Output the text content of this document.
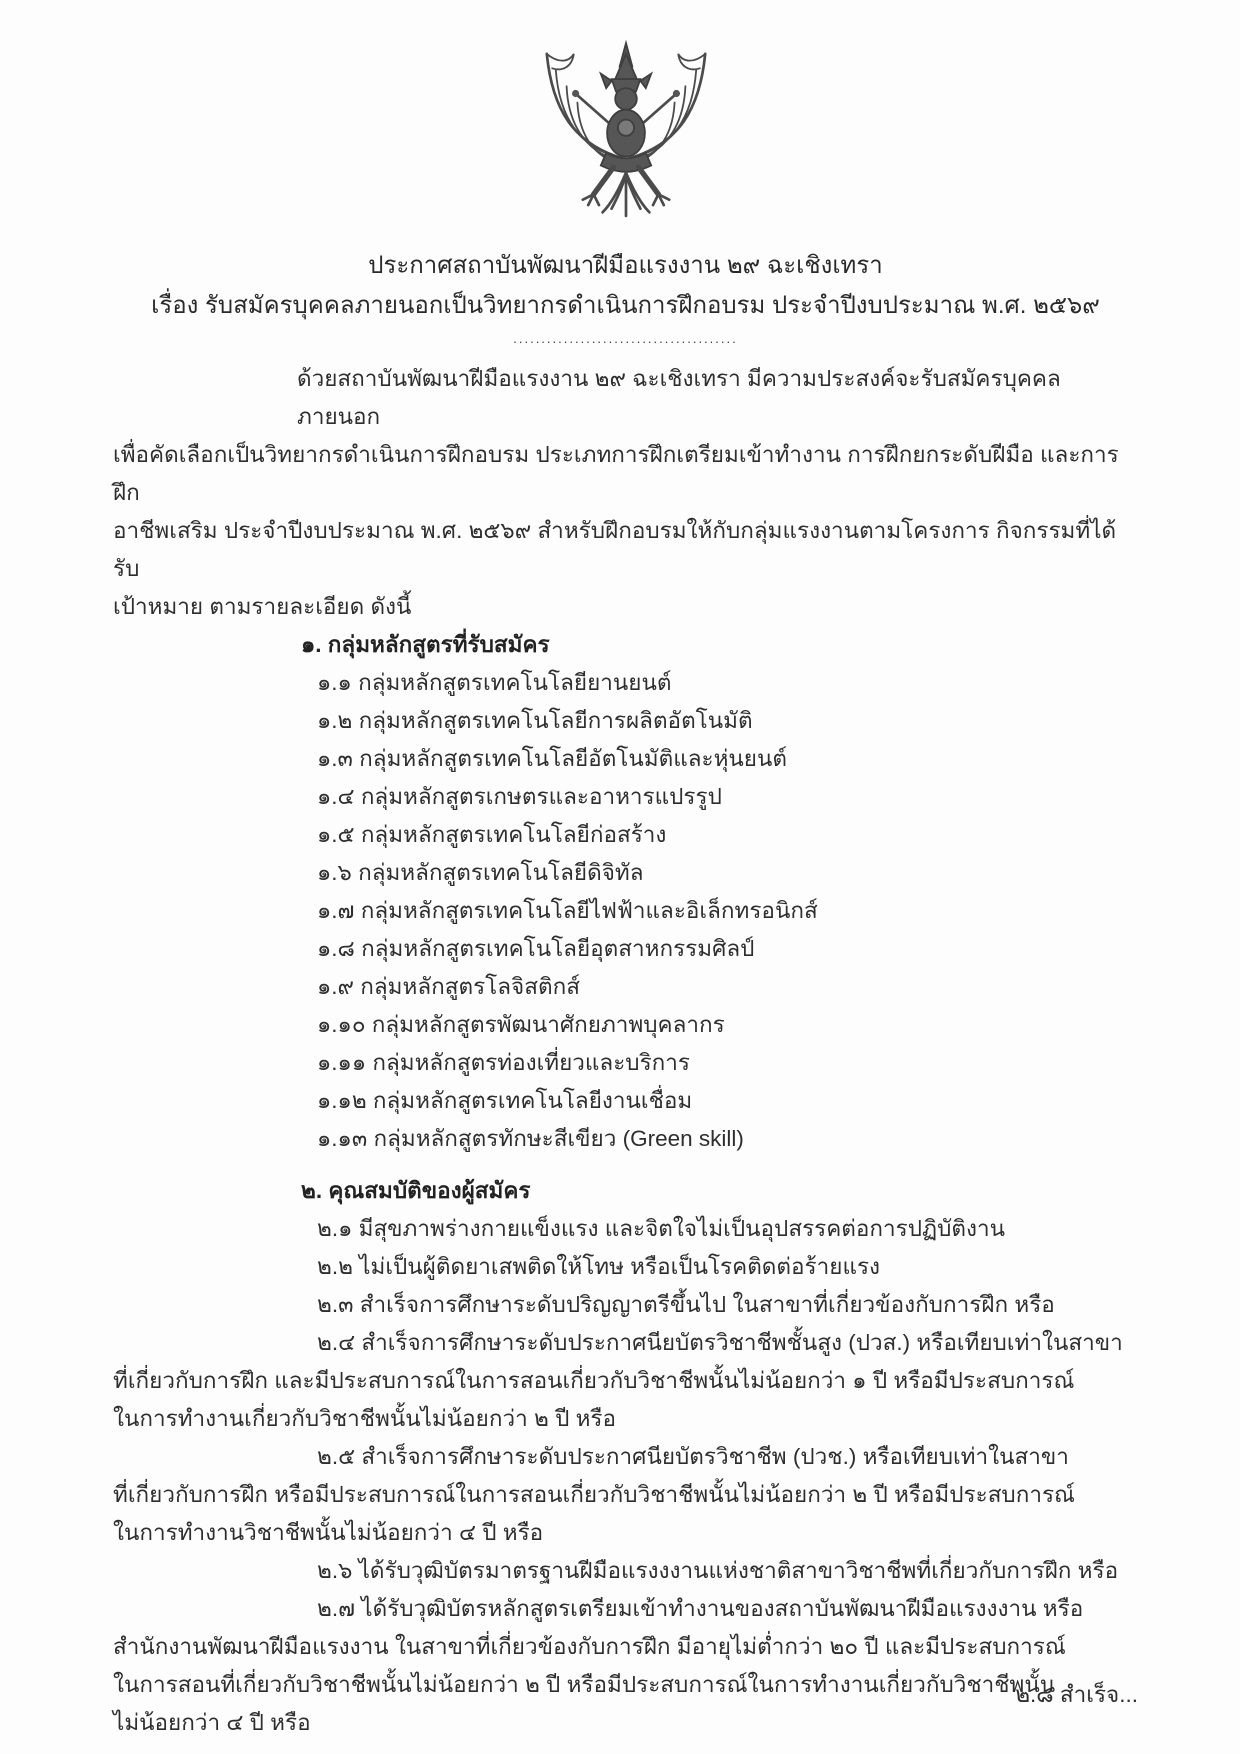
ประกาศสถาบันพัฒนาฝีมือแรงงาน ๒๙ ฉะเชิงเทรา
เรื่อง รับสมัครบุคคลภายนอกเป็นวิทยากรดำเนินการฝึกอบรม ประจำปีงบประมาณ พ.ศ. ๒๕๖๙
........................................
ด้วยสถาบันพัฒนาฝีมือแรงงาน ๒๙ ฉะเชิงเทรา มีความประสงค์จะรับสมัครบุคคลภายนอก
เพื่อคัดเลือกเป็นวิทยากรดำเนินการฝึกอบรม ประเภทการฝึกเตรียมเข้าทำงาน การฝึกยกระดับฝีมือ และการฝึก
อาชีพเสริม ประจำปีงบประมาณ พ.ศ. ๒๕๖๙ สำหรับฝึกอบรมให้กับกลุ่มแรงงานตามโครงการ กิจกรรมที่ได้รับ
เป้าหมาย ตามรายละเอียด ดังนี้
๑. กลุ่มหลักสูตรที่รับสมัคร
๑.๑ กลุ่มหลักสูตรเทคโนโลยียานยนต์
๑.๒ กลุ่มหลักสูตรเทคโนโลยีการผลิตอัตโนมัติ
๑.๓ กลุ่มหลักสูตรเทคโนโลยีอัตโนมัติและหุ่นยนต์
๑.๔ กลุ่มหลักสูตรเกษตรและอาหารแปรรูป
๑.๕ กลุ่มหลักสูตรเทคโนโลยีก่อสร้าง
๑.๖ กลุ่มหลักสูตรเทคโนโลยีดิจิทัล
๑.๗ กลุ่มหลักสูตรเทคโนโลยีไฟฟ้าและอิเล็กทรอนิกส์
๑.๘ กลุ่มหลักสูตรเทคโนโลยีอุตสาหกรรมศิลป์
๑.๙ กลุ่มหลักสูตรโลจิสติกส์
๑.๑๐ กลุ่มหลักสูตรพัฒนาศักยภาพบุคลากร
๑.๑๑ กลุ่มหลักสูตรท่องเที่ยวและบริการ
๑.๑๒ กลุ่มหลักสูตรเทคโนโลยีงานเชื่อม
๑.๑๓ กลุ่มหลักสูตรทักษะสีเขียว (Green skill)
๒. คุณสมบัติของผู้สมัคร
๒.๑ มีสุขภาพร่างกายแข็งแรง และจิตใจไม่เป็นอุปสรรคต่อการปฏิบัติงาน
๒.๒ ไม่เป็นผู้ติดยาเสพติดให้โทษ หรือเป็นโรคติดต่อร้ายแรง
๒.๓ สำเร็จการศึกษาระดับปริญญาตรีขึ้นไป ในสาขาที่เกี่ยวข้องกับการฝึก หรือ
๒.๔ สำเร็จการศึกษาระดับประกาศนียบัตรวิชาชีพชั้นสูง (ปวส.) หรือเทียบเท่าในสาขา
ที่เกี่ยวกับการฝึก และมีประสบการณ์ในการสอนเกี่ยวกับวิชาชีพนั้นไม่น้อยกว่า ๑ ปี หรือมีประสบการณ์
ในการทำงานเกี่ยวกับวิชาชีพนั้นไม่น้อยกว่า ๒ ปี หรือ
๒.๕ สำเร็จการศึกษาระดับประกาศนียบัตรวิชาชีพ (ปวช.) หรือเทียบเท่าในสาขา
ที่เกี่ยวกับการฝึก หรือมีประสบการณ์ในการสอนเกี่ยวกับวิชาชีพนั้นไม่น้อยกว่า ๒ ปี หรือมีประสบการณ์
ในการทำงานวิชาชีพนั้นไม่น้อยกว่า ๔ ปี หรือ
๒.๖ ได้รับวุฒิบัตรมาตรฐานฝีมือแรงงงานแห่งชาติสาขาวิชาชีพที่เกี่ยวกับการฝึก หรือ
๒.๗ ได้รับวุฒิบัตรหลักสูตรเตรียมเข้าทำงานของสถาบันพัฒนาฝีมือแรงงงาน หรือ
สำนักงานพัฒนาฝีมือแรงงาน ในสาขาที่เกี่ยวข้องกับการฝึก มีอายุไม่ต่ำกว่า ๒๐ ปี และมีประสบการณ์
ในการสอนที่เกี่ยวกับวิชาชีพนั้นไม่น้อยกว่า ๒ ปี หรือมีประสบการณ์ในการทำงานเกี่ยวกับวิชาชีพนั้น
ไม่น้อยกว่า ๔ ปี หรือ
๒.๘ สำเร็จ...
